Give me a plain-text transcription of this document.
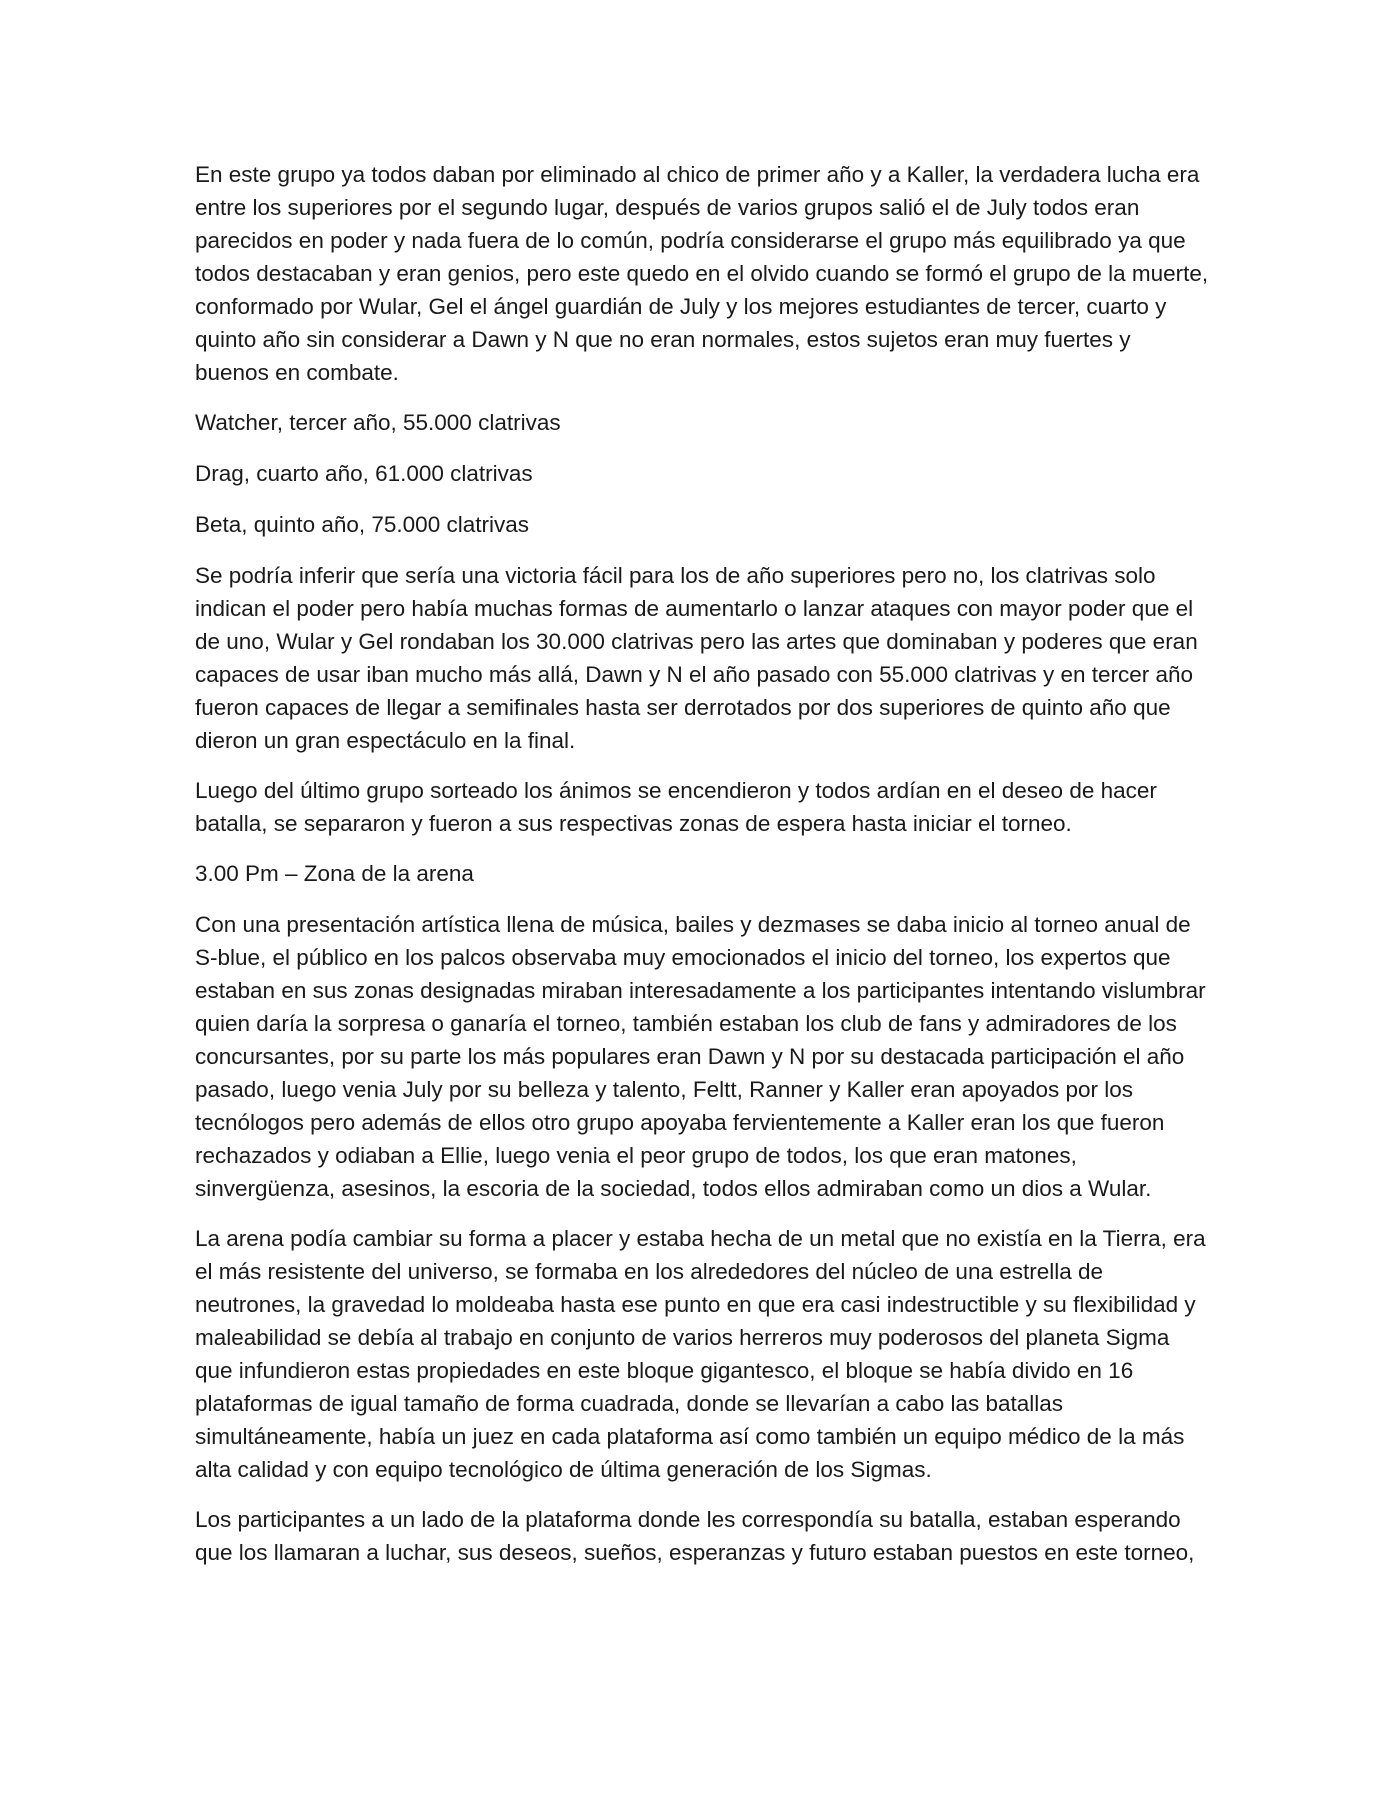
En este grupo ya todos daban por eliminado al chico de primer año y a Kaller, la verdadera lucha era entre los superiores por el segundo lugar, después de varios grupos salió el de July todos eran parecidos en poder y nada fuera de lo común, podría considerarse el grupo más equilibrado ya que todos destacaban y eran genios, pero este quedo en el olvido cuando se formó el grupo de la muerte, conformado por Wular, Gel el ángel guardián de July y los mejores estudiantes de tercer, cuarto y quinto año sin considerar a Dawn y N que no eran normales, estos sujetos eran muy fuertes y buenos en combate.

Watcher, tercer año, 55.000 clatrivas

Drag, cuarto año, 61.000 clatrivas

Beta, quinto año, 75.000 clatrivas

Se podría inferir que sería una victoria fácil para los de año superiores pero no, los clatrivas solo indican el poder pero había muchas formas de aumentarlo o lanzar ataques con mayor poder que el de uno, Wular y Gel rondaban los 30.000 clatrivas pero las artes que dominaban y poderes que eran capaces de usar iban mucho más allá, Dawn y N el año pasado con 55.000 clatrivas y en tercer año fueron capaces de llegar a semifinales hasta ser derrotados por dos superiores de quinto año que dieron un gran espectáculo en la final.

Luego del último grupo sorteado los ánimos se encendieron y todos ardían en el deseo de hacer batalla, se separaron y fueron a sus respectivas zonas de espera hasta iniciar el torneo.

3.00 Pm – Zona de la arena

Con una presentación artística llena de música, bailes y dezmases se daba inicio al torneo anual de S-blue, el público en los palcos observaba muy emocionados el inicio del torneo, los expertos que estaban en sus zonas designadas miraban interesadamente a los participantes intentando vislumbrar quien daría la sorpresa o ganaría el torneo, también estaban los club de fans y admiradores de los concursantes, por su parte los más populares eran Dawn y N por su destacada participación el año pasado, luego venia July por su belleza y talento, Feltt, Ranner y Kaller eran apoyados por los tecnólogos pero además de ellos otro grupo apoyaba fervientemente a Kaller eran los que fueron rechazados y odiaban a Ellie, luego venia el peor grupo de todos, los que eran matones, sinvergüenza, asesinos, la escoria de la sociedad, todos ellos admiraban como un dios a Wular.

La arena podía cambiar su forma a placer y estaba hecha de un metal que no existía en la Tierra, era el más resistente del universo, se formaba en los alrededores del núcleo de una estrella de neutrones, la gravedad lo moldeaba hasta ese punto en que era casi indestructible y su flexibilidad y maleabilidad se debía al trabajo en conjunto de varios herreros muy poderosos del planeta Sigma que infundieron estas propiedades en este bloque gigantesco, el bloque se había divido en 16 plataformas de igual tamaño de forma cuadrada, donde se llevarían a cabo las batallas simultáneamente, había un juez en cada plataforma así como también un equipo médico de la más alta calidad y con equipo tecnológico de última generación de los Sigmas.

Los participantes a un lado de la plataforma donde les correspondía su batalla, estaban esperando que los llamaran a luchar, sus deseos, sueños, esperanzas y futuro estaban puestos en este torneo,
